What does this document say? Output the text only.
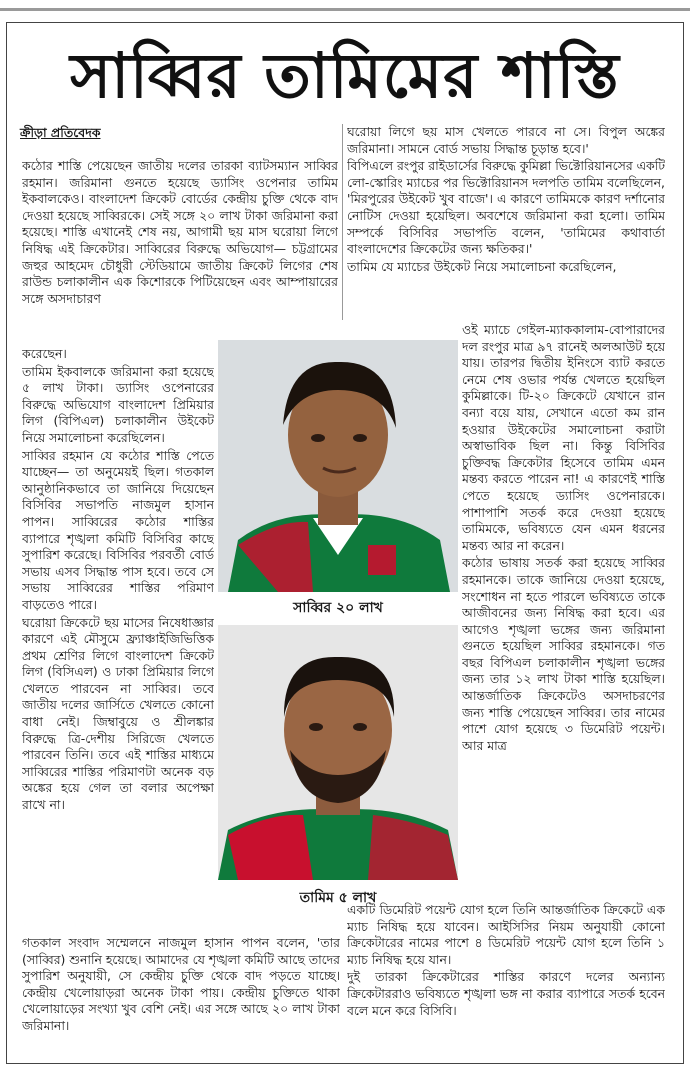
সাব্বির তামিমের শাস্তি
ক্রীড়া প্রতিবেদক

কঠোর শাস্তি পেয়েছেন জাতীয় দলের তারকা ব্যাটসম্যান সাব্বির রহমান। জরিমানা গুনতে হয়েছে ড্যাসিং ওপেনার তামিম ইকবালকেও। বাংলাদেশ ক্রিকেট বোর্ডের কেন্দ্রীয় চুক্তি থেকে বাদ দেওয়া হয়েছে সাব্বিরকে। সেই সঙ্গে ২০ লাখ টাকা জরিমানা করা হয়েছে। শাস্তি এখানেই শেষ নয়, আগামী ছয় মাস ঘরোয়া লিগে নিষিদ্ধ এই ক্রিকেটার। সাব্বিরের বিরুদ্ধে অভিযোগ— চট্টগ্রামের জহুর আহমেদ চৌধুরী স্টেডিয়ামে জাতীয় ক্রিকেট লিগের শেষ রাউন্ড চলাকালীন এক কিশোরকে পিটিয়েছেন এবং আম্পায়ারের সঙ্গে অসদাচারণ

করেছেন।

তামিম ইকবালকে জরিমানা করা হয়েছে ৫ লাখ টাকা। ড্যাসিং ওপেনারের বিরুদ্ধে অভিযোগ বাংলাদেশ প্রিমিয়ার লিগ (বিপিএল) চলাকালীন উইকেট নিয়ে সমালোচনা করেছিলেন।

সাব্বির রহমান যে কঠোর শাস্তি পেতে যাচ্ছেন— তা অনুমেয়ই ছিল। গতকাল আনুষ্ঠানিকভাবে তা জানিয়ে দিয়েছেন বিসিবির সভাপতি নাজমুল হাসান পাপন। সাব্বিরের কঠোর শাস্তির ব্যাপারে শৃঙ্খলা কমিটি বিসিবির কাছে সুপারিশ করেছে। বিসিবির পরবর্তী বোর্ড সভায় এসব সিদ্ধান্ত পাস হবে। তবে সে সভায় সাব্বিরের শাস্তির পরিমাণ বাড়তেও পারে।

ঘরোয়া ক্রিকেটে ছয় মাসের নিষেধাজ্ঞার কারণে এই মৌসুমে ফ্র্যাঞ্চাইজিভিত্তিক প্রথম শ্রেণির লিগে বাংলাদেশ ক্রিকেট লিগ (বিসিএল) ও ঢাকা প্রিমিয়ার লিগে খেলতে পারবেন না সাব্বির। তবে জাতীয় দলের জার্সিতে খেলতে কোনো বাধা নেই। জিম্বাবুয়ে ও শ্রীলঙ্কার বিরুদ্ধে ত্রি-দেশীয় সিরিজে খেলতে পারবেন তিনি। তবে এই শাস্তির মাধ্যমে সাব্বিরের শাস্তির পরিমাণটা অনেক বড় অঙ্কের হয়ে গেল তা বলার অপেক্ষা রাখে না।

গতকাল সংবাদ সম্মেলনে নাজমুল হাসান পাপন বলেন, 'তার (সাব্বির) শুনানি হয়েছে। আমাদের যে শৃঙ্খলা কমিটি আছে তাদের সুপারিশ অনুযায়ী, সে কেন্দ্রীয় চুক্তি থেকে বাদ পড়তে যাচ্ছে। কেন্দ্রীয় খেলোয়াড়রা অনেক টাকা পায়। কেন্দ্রীয় চুক্তিতে থাকা খেলোয়াড়ের সংখ্যা খুব বেশি নেই। এর সঙ্গে আছে ২০ লাখ টাকা জরিমানা।

ঘরোয়া লিগে ছয় মাস খেলতে পারবে না সে। বিপুল অঙ্কের জরিমানা। সামনে বোর্ড সভায় সিদ্ধান্ত চূড়ান্ত হবে।'

বিপিএলে রংপুর রাইডার্সের বিরুদ্ধে কুমিল্লা ভিক্টোরিয়ানসের একটি লো-স্কোরিং ম্যাচের পর ভিক্টোরিয়ানস দলপতি তামিম বলেছিলেন, 'মিরপুরের উইকেট খুব বাজে'। এ কারণে তামিমকে কারণ দর্শানোর নোটিস দেওয়া হয়েছিল। অবশেষে জরিমানা করা হলো। তামিম সম্পর্কে বিসিবির সভাপতি বলেন, 'তামিমের কথাবার্তা বাংলাদেশের ক্রিকেটের জন্য ক্ষতিকর।'

তামিম যে ম্যাচের উইকেট নিয়ে সমালোচনা করেছিলেন,

ওই ম্যাচে গেইল-ম্যাককালাম-বোপারাদের দল রংপুর মাত্র ৯৭ রানেই অলআউট হয়ে যায়। তারপর দ্বিতীয় ইনিংসে ব্যাট করতে নেমে শেষ ওভার পর্যন্ত খেলতে হয়েছিল কুমিল্লাকে। টি-২০ ক্রিকেটে যেখানে রান বন্যা বয়ে যায়, সেখানে এতো কম রান হওয়ার উইকেটের সমালোচনা করাটা অস্বাভাবিক ছিল না। কিন্তু বিসিবির চুক্তিবদ্ধ ক্রিকেটার হিসেবে তামিম এমন মন্তব্য করতে পারেন না! এ কারণেই শাস্তি পেতে হয়েছে ড্যাসিং ওপেনারকে। পাশাপাশি সতর্ক করে দেওয়া হয়েছে তামিমকে, ভবিষ্যতে যেন এমন ধরনের মন্তব্য আর না করেন।

কঠোর ভাষায় সতর্ক করা হয়েছে সাব্বির রহমানকে। তাকে জানিয়ে দেওয়া হয়েছে, সংশোধন না হতে পারলে ভবিষ্যতে তাকে আজীবনের জন্য নিষিদ্ধ করা হবে। এর আগেও শৃঙ্খলা ভঙ্গের জন্য জরিমানা গুনতে হয়েছিল সাব্বির রহমানকে। গত বছর বিপিএল চলাকালীন শৃঙ্খলা ভঙ্গের জন্য তার ১২ লাখ টাকা শাস্তি হয়েছিল। আন্তর্জাতিক ক্রিকেটেও অসদাচরণের জন্য শাস্তি পেয়েছেন সাব্বির। তার নামের পাশে যোগ হয়েছে ৩ ডিমেরিট পয়েন্ট। আর মাত্র

একটি ডিমেরিট পয়েন্ট যোগ হলে তিনি আন্তর্জাতিক ক্রিকেটে এক ম্যাচ নিষিদ্ধ হয়ে যাবেন। আইসিসির নিয়ম অনুযায়ী কোনো ক্রিকেটারের নামের পাশে ৪ ডিমেরিট পয়েন্ট যোগ হলে তিনি ১ ম্যাচ নিষিদ্ধ হয়ে যান।

দুই তারকা ক্রিকেটারের শাস্তির কারণে দলের অন্যান্য ক্রিকেটাররাও ভবিষ্যতে শৃঙ্খলা ভঙ্গ না করার ব্যাপারে সতর্ক হবেন বলে মনে করে বিসিবি।

সাব্বির ২০ লাখ
তামিম ৫ লাখ
